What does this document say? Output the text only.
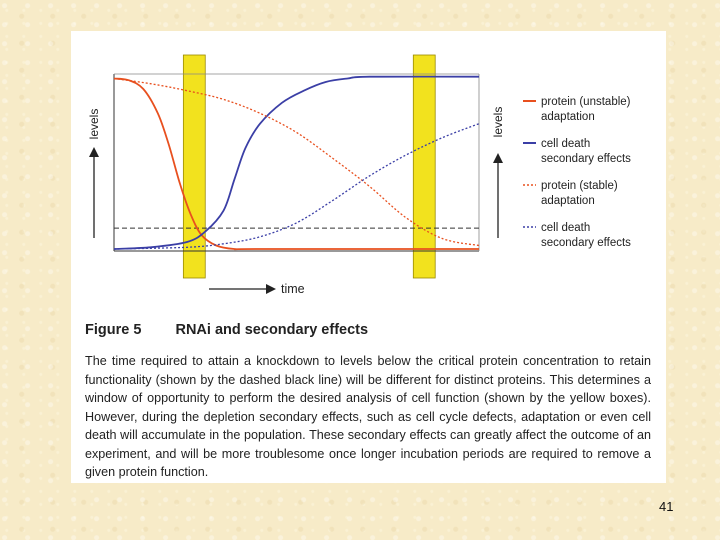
levels	levels
time
protein (unstable)
adaptation
cell death
secondary effects
protein (stable)
adaptation
cell death
secondary effects
Figure 5 RNAi and secondary effects
The time required to attain a knockdown to levels below the critical protein concentration to retain functionality (shown by the dashed black line) will be different for distinct proteins. This determines a window of opportunity to perform the desired analysis of cell function (shown by the yellow boxes). However, during the depletion secondary effects, such as cell cycle defects, adaptation or even cell death will accumulate in the population. These secondary effects can greatly affect the outcome of an experiment, and will be more troublesome once longer incubation periods are required to remove a given protein function.
41
